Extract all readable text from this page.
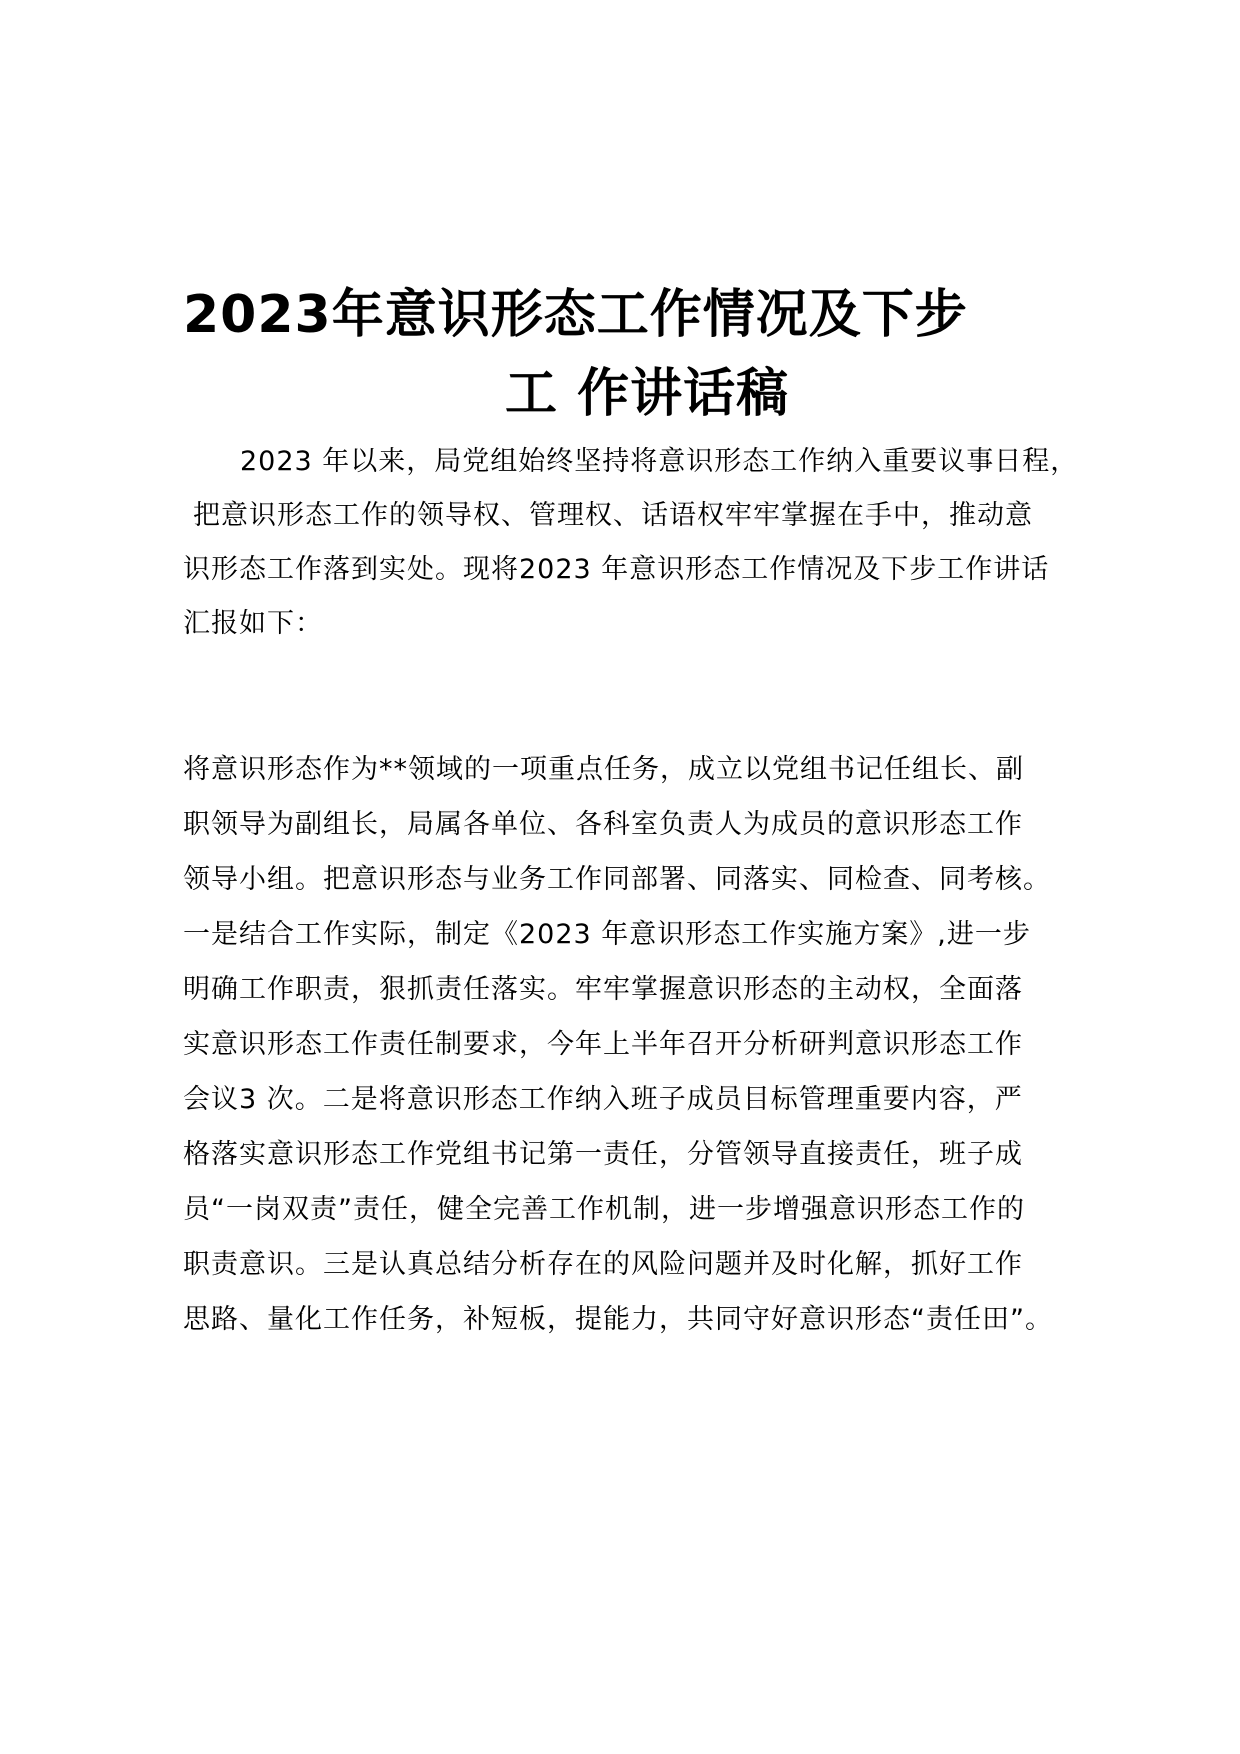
2023年意识形态工作情况及下步
工 作讲话稿
2023 年以来，局党组始终坚持将意识形态工作纳入重要议事日程，
把意识形态工作的领导权、管理权、话语权牢牢掌握在手中，推动意
识形态工作落到实处。现将2023 年意识形态工作情况及下步工作讲话
汇报如下：
将意识形态作为**领域的一项重点任务，成立以党组书记任组长、副
职领导为副组长，局属各单位、各科室负责人为成员的意识形态工作
领导小组。把意识形态与业务工作同部署、同落实、同检查、同考核。
一是结合工作实际，制定《2023 年意识形态工作实施方案》,进一步
明确工作职责，狠抓责任落实。牢牢掌握意识形态的主动权，全面落
实意识形态工作责任制要求，今年上半年召开分析研判意识形态工作
会议3 次。二是将意识形态工作纳入班子成员目标管理重要内容，严
格落实意识形态工作党组书记第一责任，分管领导直接责任，班子成
员“一岗双责”责任，健全完善工作机制，进一步增强意识形态工作的
职责意识。三是认真总结分析存在的风险问题并及时化解，抓好工作
思路、量化工作任务，补短板，提能力，共同守好意识形态“责任田”。
